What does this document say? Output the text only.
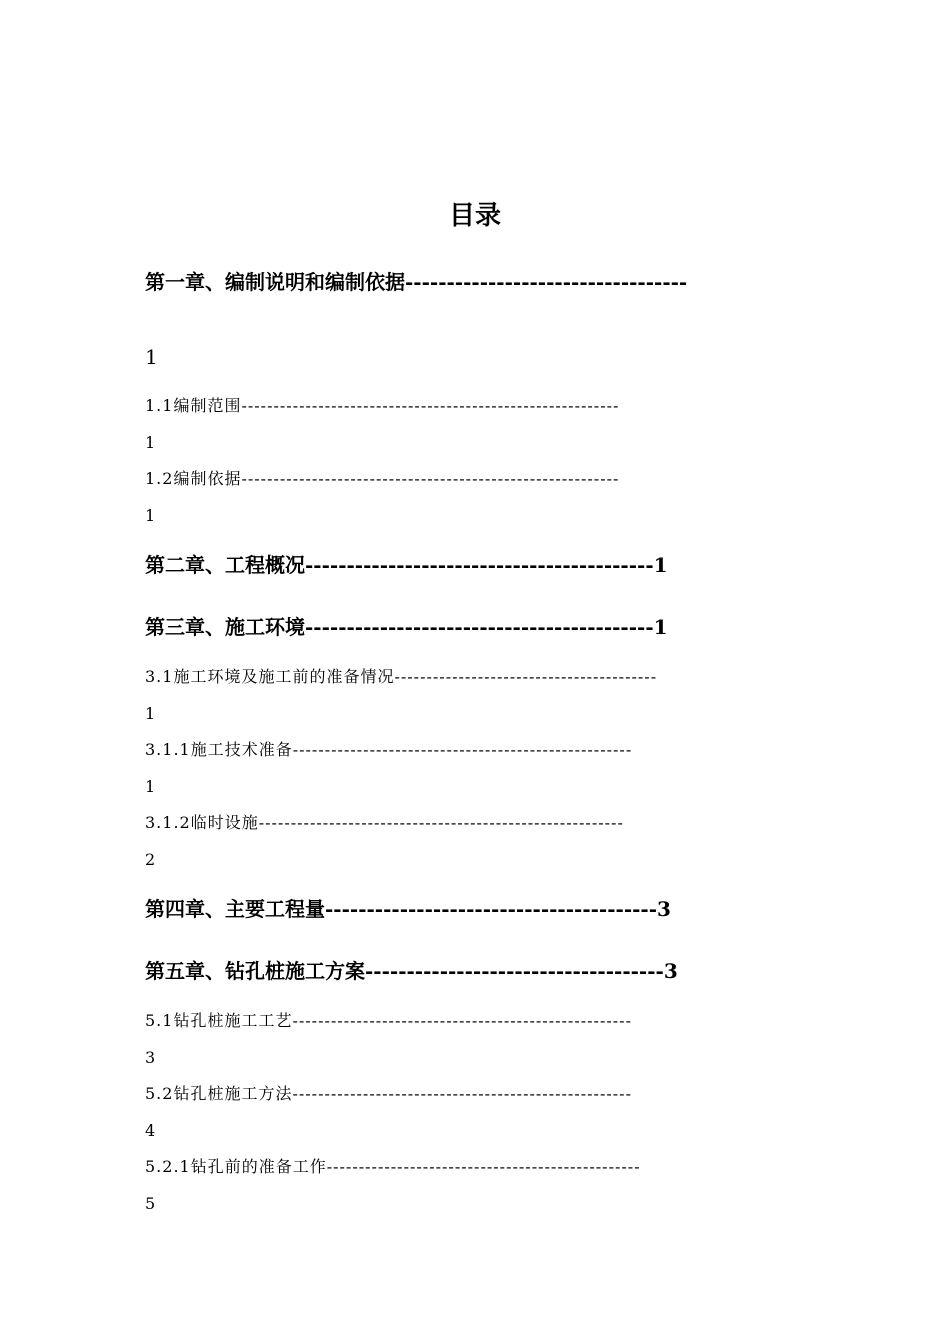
目录

第一章、编制说明和编制依据----------------------------------

1

1.1编制范围-----------------------------------------------------------

1

1.2编制依据-----------------------------------------------------------

1

第二章、工程概况------------------------------------------1

第三章、施工环境------------------------------------------1

3.1施工环境及施工前的准备情况-----------------------------------------

1

3.1.1施工技术准备-----------------------------------------------------

1

3.1.2临时设施---------------------------------------------------------

2

第四章、主要工程量----------------------------------------3

第五章、钻孔桩施工方案------------------------------------3

5.1钻孔桩施工工艺-----------------------------------------------------

3

5.2钻孔桩施工方法-----------------------------------------------------

4

5.2.1钻孔前的准备工作-------------------------------------------------

5
